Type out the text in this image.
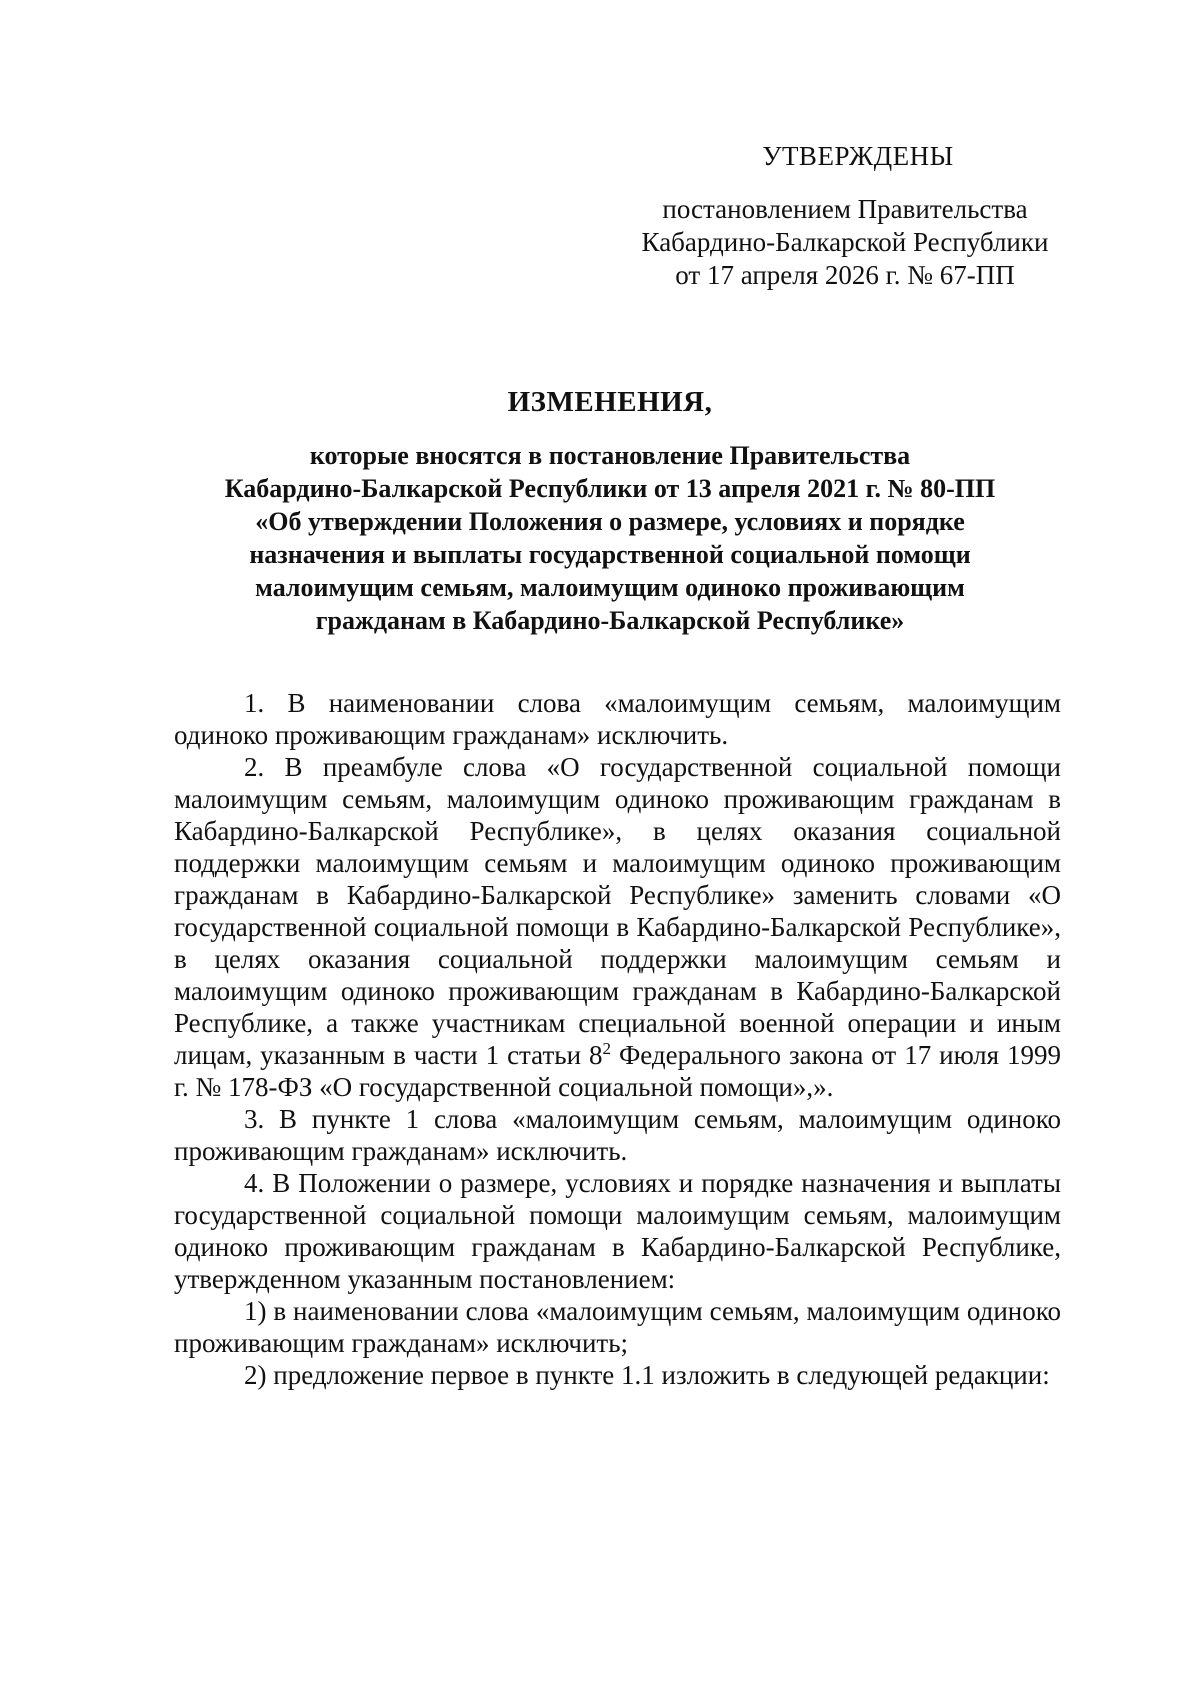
УТВЕРЖДЕНЫ
постановлением Правительства
Кабардино-Балкарской Республики
от 17 апреля 2026 г. № 67-ПП
ИЗМЕНЕНИЯ,
которые вносятся в постановление Правительства
Кабардино-Балкарской Республики от 13 апреля 2021 г. № 80-ПП
«Об утверждении Положения о размере, условиях и порядке
назначения и выплаты государственной социальной помощи
малоимущим семьям, малоимущим одиноко проживающим
гражданам в Кабардино-Балкарской Республике»

1. В наименовании слова «малоимущим семьям, малоимущим одиноко проживающим гражданам» исключить.

2. В преамбуле слова «О государственной социальной помощи малоимущим семьям, малоимущим одиноко проживающим гражданам в Кабардино-Балкарской Республике», в целях оказания социальной поддержки малоимущим семьям и малоимущим одиноко проживающим гражданам в Кабардино-Балкарской Республике» заменить словами «О государственной социальной помощи в Кабардино-Балкарской Республике», в целях оказания социальной поддержки малоимущим семьям и малоимущим одиноко проживающим гражданам в Кабардино-Балкарской Республике, а также участникам специальной военной операции и иным лицам, указанным в части 1 статьи $8^2$ Федерального закона от 17 июля 1999 г. № 178-ФЗ «О государственной социальной помощи»,».

3. В пункте 1 слова «малоимущим семьям, малоимущим одиноко проживающим гражданам» исключить.

4. В Положении о размере, условиях и порядке назначения и выплаты государственной социальной помощи малоимущим семьям, малоимущим одиноко проживающим гражданам в Кабардино-Балкарской Республике, утвержденном указанным постановлением:

1) в наименовании слова «малоимущим семьям, малоимущим одиноко проживающим гражданам» исключить;

2) предложение первое в пункте 1.1 изложить в следующей редакции:
